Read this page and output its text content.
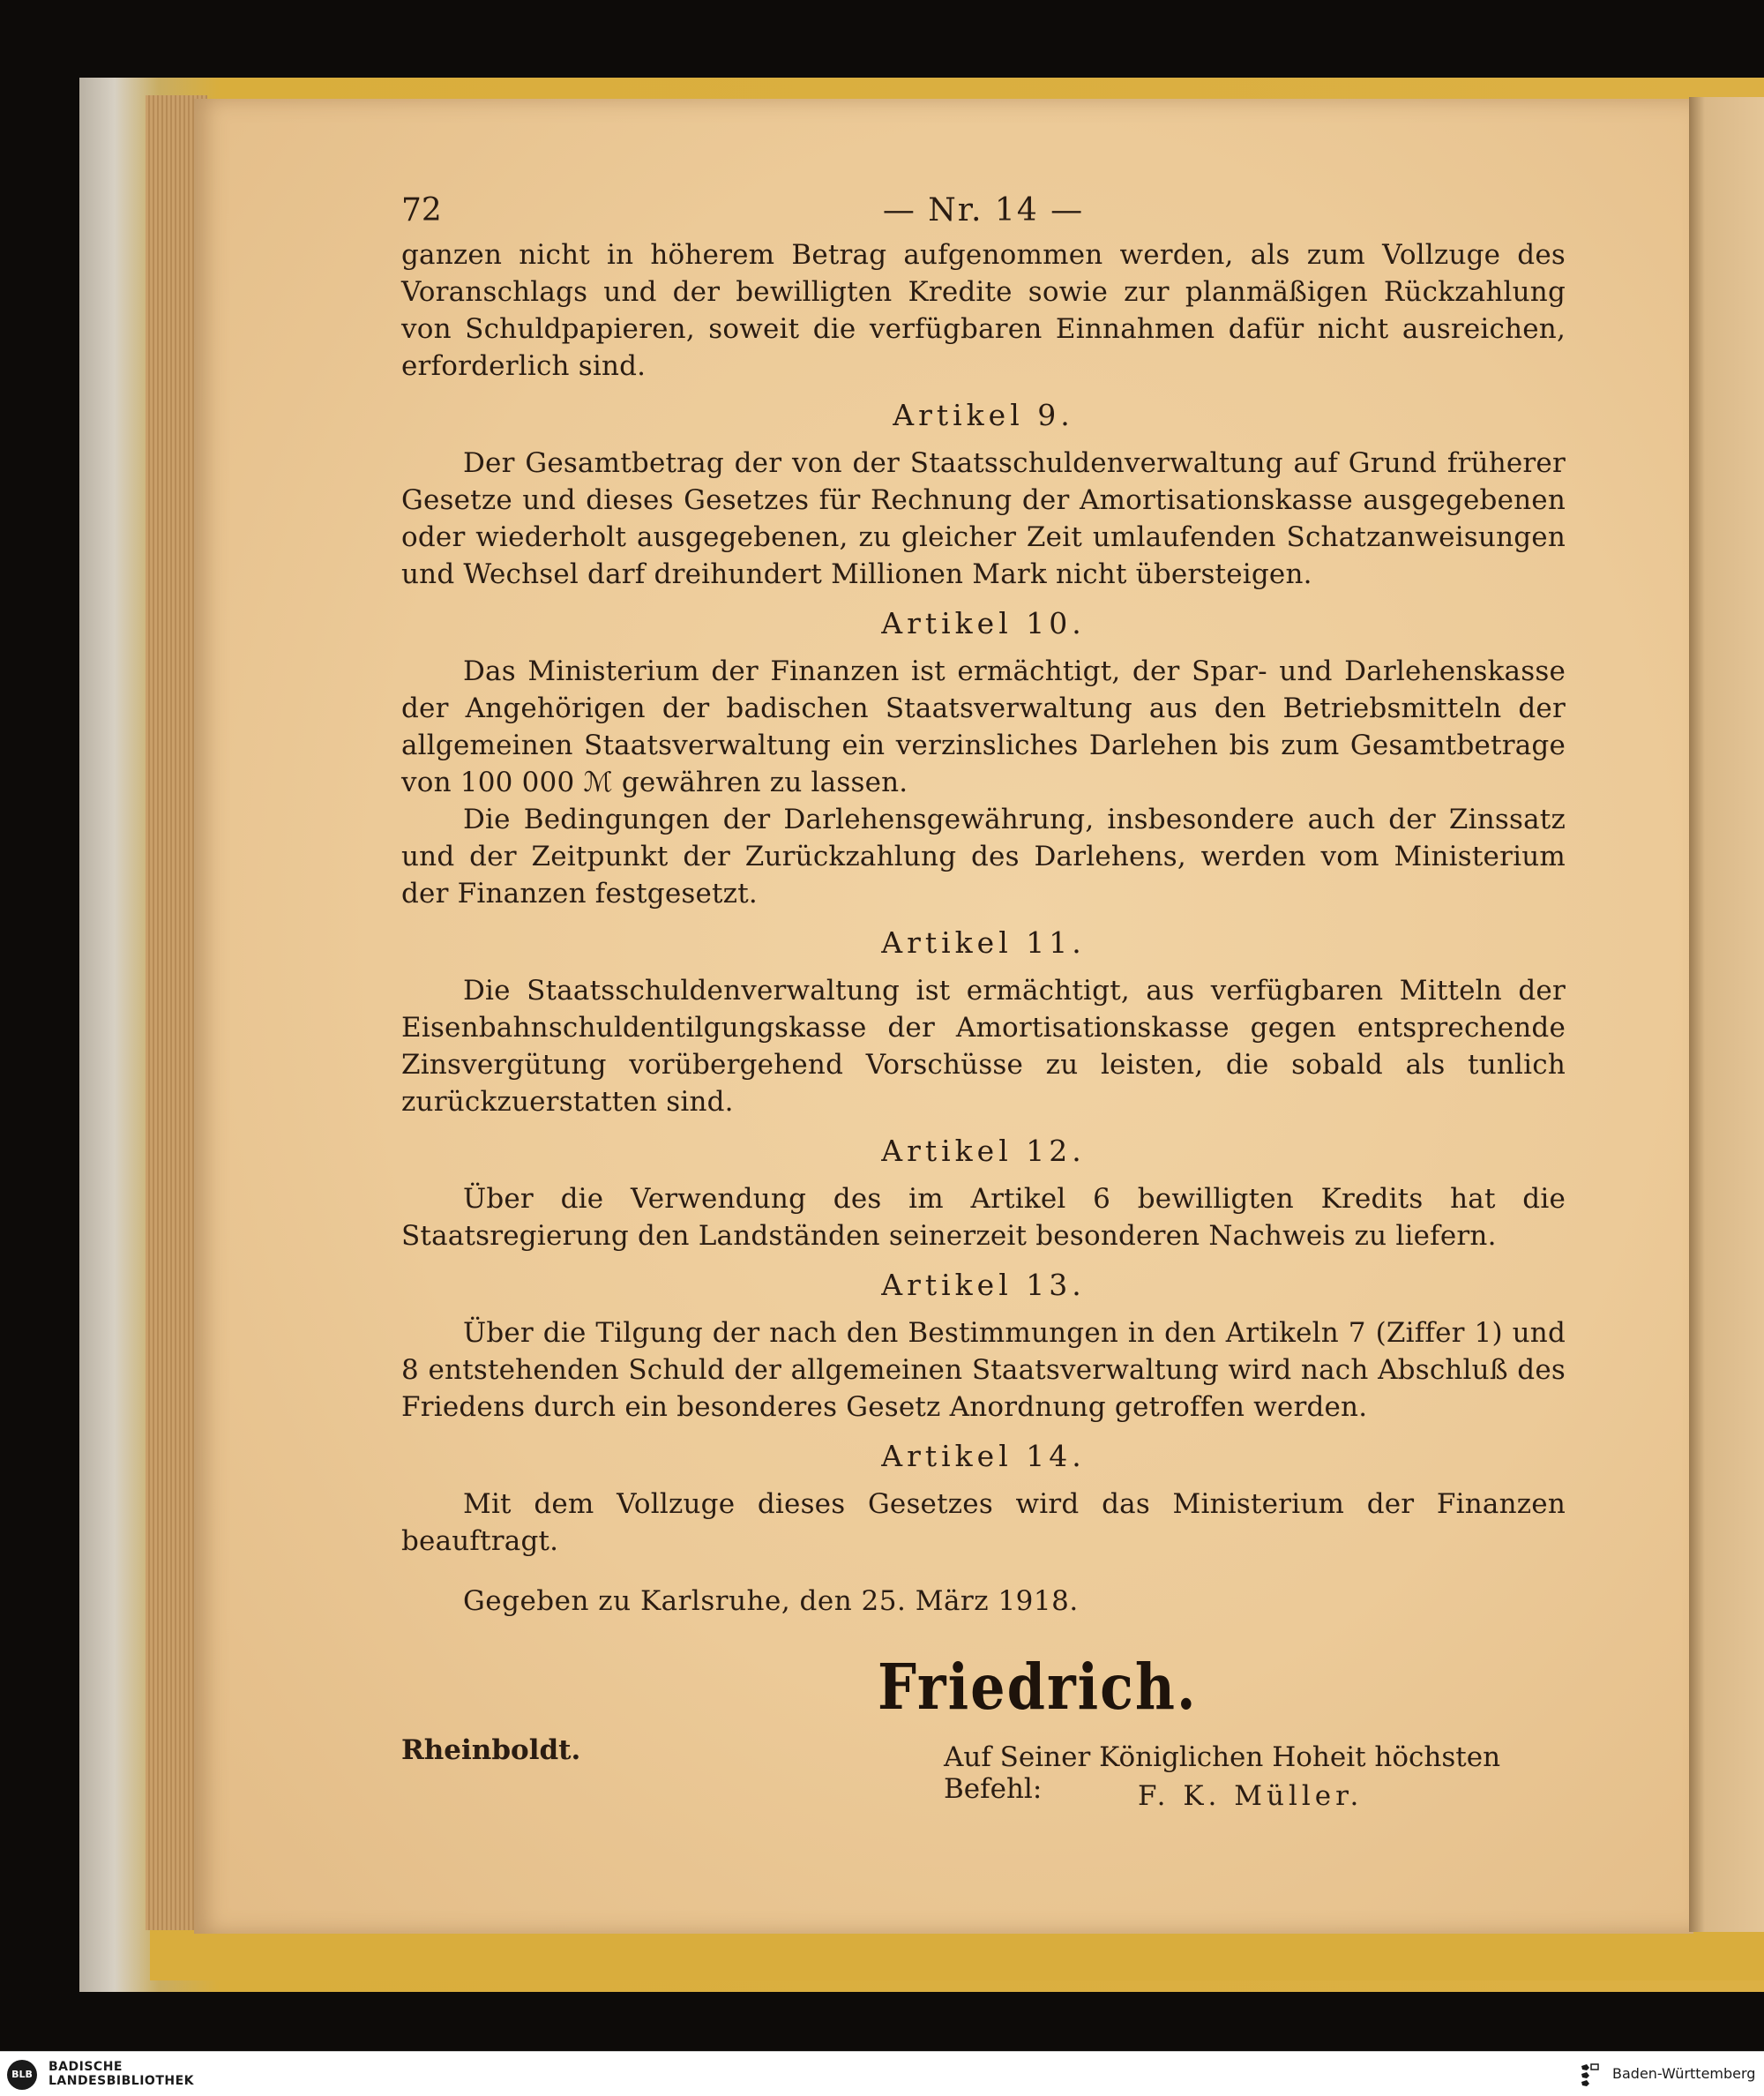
72	— Nr. 14 —

ganzen nicht in höherem Betrag aufgenommen werden, als zum Vollzuge des Voranschlags und der bewilligten Kredite sowie zur planmäßigen Rückzahlung von Schuldpapieren, soweit die verfügbaren Einnahmen dafür nicht ausreichen, erforderlich sind.

Artikel 9.

Der Gesamtbetrag der von der Staatsschuldenverwaltung auf Grund früherer Gesetze und dieses Gesetzes für Rechnung der Amortisationskasse ausgegebenen oder wiederholt ausgegebenen, zu gleicher Zeit umlaufenden Schatzanweisungen und Wechsel darf dreihundert Millionen Mark nicht übersteigen.

Artikel 10.

Das Ministerium der Finanzen ist ermächtigt, der Spar- und Darlehenskasse der Angehörigen der badischen Staatsverwaltung aus den Betriebsmitteln der allgemeinen Staatsverwaltung ein verzinsliches Darlehen bis zum Gesamtbetrage von 100 000 ℳ gewähren zu lassen.

Die Bedingungen der Darlehensgewährung, insbesondere auch der Zinssatz und der Zeitpunkt der Zurückzahlung des Darlehens, werden vom Ministerium der Finanzen festgesetzt.

Artikel 11.

Die Staatsschuldenverwaltung ist ermächtigt, aus verfügbaren Mitteln der Eisenbahnschuldentilgungskasse der Amortisationskasse gegen entsprechende Zinsvergütung vorübergehend Vorschüsse zu leisten, die sobald als tunlich zurückzuerstatten sind.

Artikel 12.

Über die Verwendung des im Artikel 6 bewilligten Kredits hat die Staatsregierung den Landständen seinerzeit besonderen Nachweis zu liefern.

Artikel 13.

Über die Tilgung der nach den Bestimmungen in den Artikeln 7 (Ziffer 1) und 8 entstehenden Schuld der allgemeinen Staatsverwaltung wird nach Abschluß des Friedens durch ein besonderes Gesetz Anordnung getroffen werden.

Artikel 14.

Mit dem Vollzuge dieses Gesetzes wird das Ministerium der Finanzen beauftragt.

Gegeben zu Karlsruhe, den 25. März 1918.
Friedrich.
Rheinboldt.	Auf Seiner Königlichen Hoheit höchsten Befehl:	F. K. Müller.
BLB
BADISCHE
LANDESBIBLIOTHEK	Baden-Württemberg
